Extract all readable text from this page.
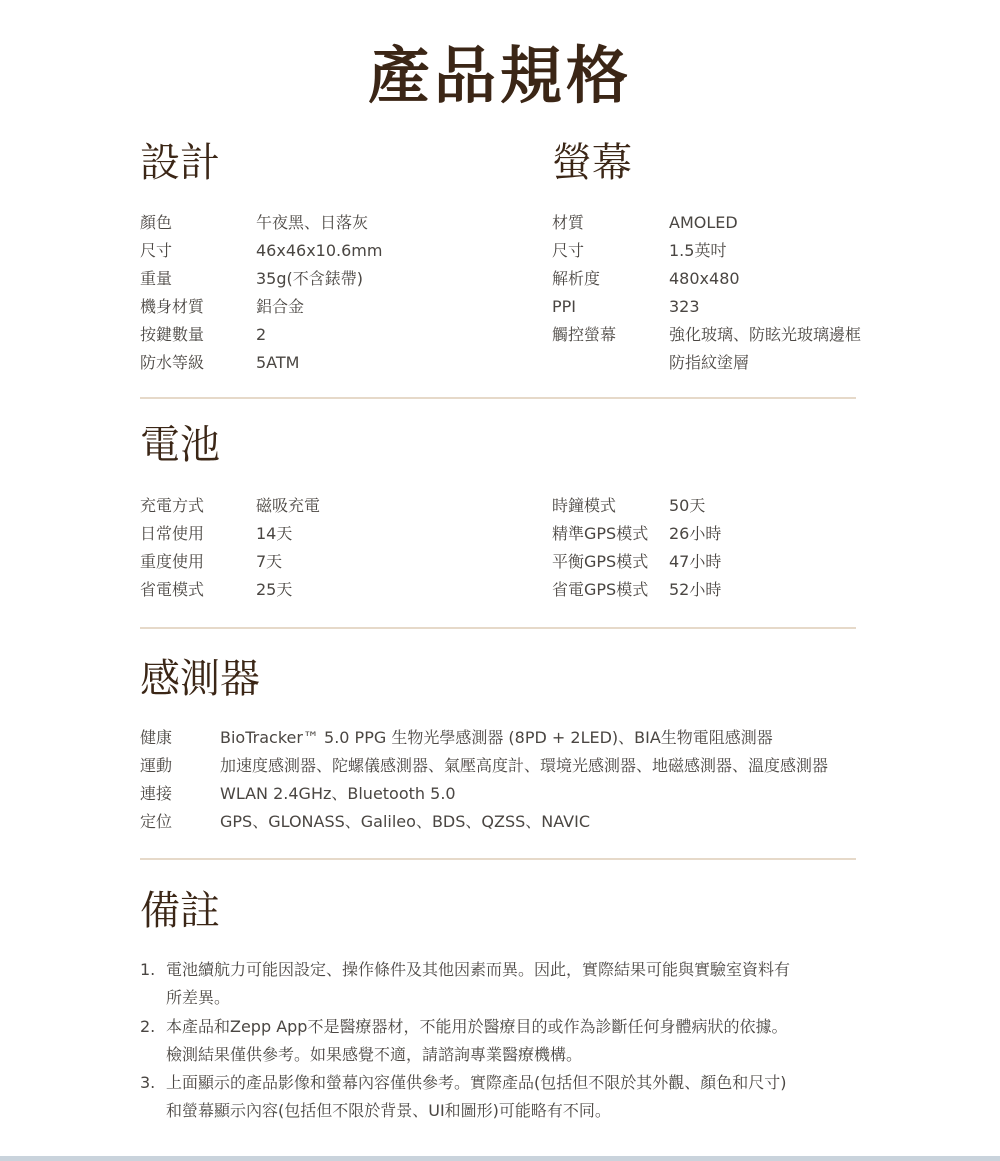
產品規格
設計
顏色	午夜黑、日落灰
尺寸	46x46x10.6mm
重量	35g(不含錶帶)
機身材質	鋁合金
按鍵數量	2
防水等級	5ATM
螢幕
材質	AMOLED
尺寸	1.5英吋
解析度	480x480
PPI	323
觸控螢幕	強化玻璃、防眩光玻璃邊框
防指紋塗層
電池
充電方式	磁吸充電
日常使用	14天
重度使用	7天
省電模式	25天
時鐘模式	50天
精準GPS模式 26小時
平衡GPS模式 47小時
省電GPS模式 52小時
感測器
健康	BioTracker™ 5.0 PPG 生物光學感測器 (8PD + 2LED)、BIA生物電阻感測器
運動	加速度感測器、陀螺儀感測器、氣壓高度計、環境光感測器、地磁感測器、溫度感測器
連接	WLAN 2.4GHz、Bluetooth 5.0
定位	GPS、GLONASS、Galileo、BDS、QZSS、NAVIC
備註
1. 電池續航力可能因設定、操作條件及其他因素而異。因此，實際結果可能與實驗室資料有
所差異。
2. 本產品和Zepp App不是醫療器材，不能用於醫療目的或作為診斷任何身體病狀的依據。
檢測結果僅供參考。如果感覺不適，請諮詢專業醫療機構。
3. 上面顯示的產品影像和螢幕內容僅供參考。實際產品(包括但不限於其外觀、顏色和尺寸)
和螢幕顯示內容(包括但不限於背景、UI和圖形)可能略有不同。
